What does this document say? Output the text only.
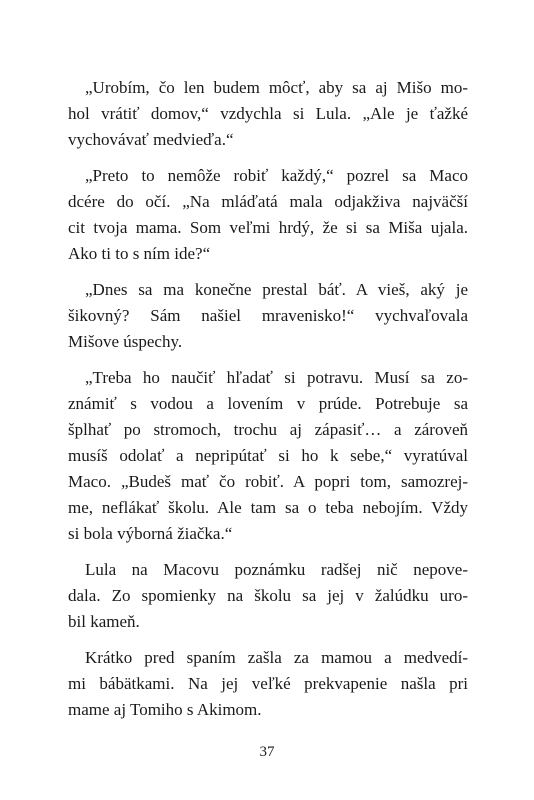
„Urobím, čo len budem môcť, aby sa aj Mišo mo-
hol vrátiť domov,“ vzdychla si Lula. „Ale je ťažké
vychovávať medvieďa.“
„Preto to nemôže robiť každý,“ pozrel sa Maco
dcére do očí. „Na mláďatá mala odjakživa najväčší
cit tvoja mama. Som veľmi hrdý, že si sa Miša ujala.
Ako ti to s ním ide?“
„Dnes sa ma konečne prestal báť. A vieš, aký je
šikovný? Sám našiel mravenisko!“ vychvaľovala
Mišove úspechy.
„Treba ho naučiť hľadať si potravu. Musí sa zo-
známiť s vodou a lovením v prúde. Potrebuje sa
šplhať po stromoch, trochu aj zápasiť… a zároveň
musíš odolať a nepripútať si ho k sebe,“ vyratúval
Maco. „Budeš mať čo robiť. A popri tom, samozrej-
me, neflákať školu. Ale tam sa o teba nebojím. Vždy
si bola výborná žiačka.“
Lula na Macovu poznámku radšej nič nepove-
dala. Zo spomienky na školu sa jej v žalúdku uro-
bil kameň.
Krátko pred spaním zašla za mamou a medvedí-
mi bábätkami. Na jej veľké prekvapenie našla pri
mame aj Tomiho s Akimom.
37
